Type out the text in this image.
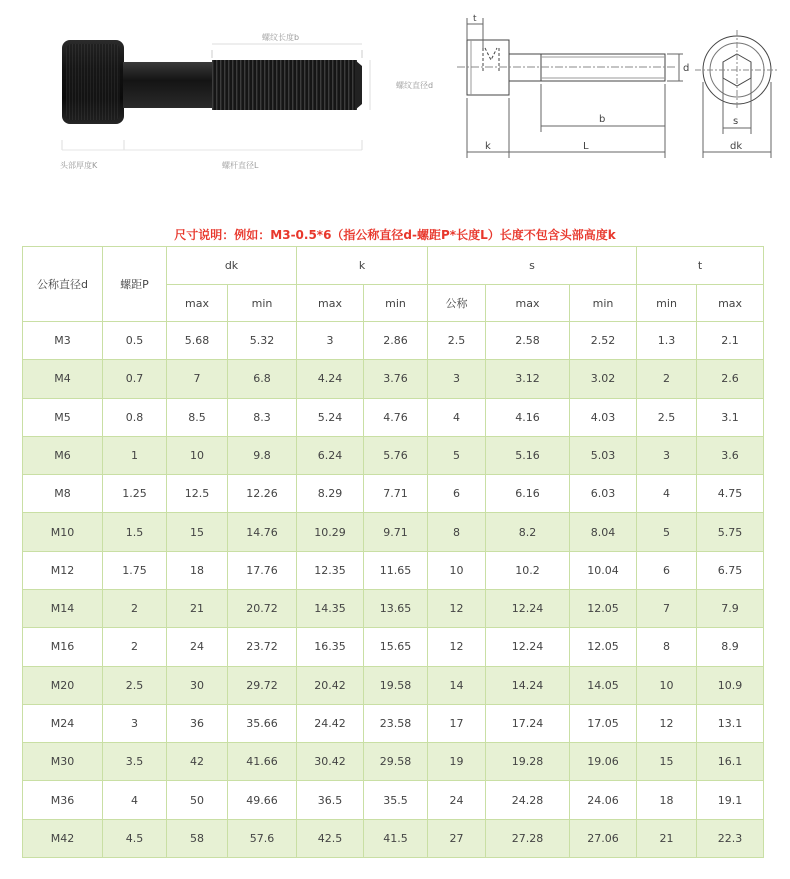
螺纹长度b
螺纹直径d
头部厚度K	螺杆直径L
t
d
b
k	L
s
dk
尺寸说明：例如：M3-0.5*6（指公称直径d-螺距P*长度L）长度不包含头部高度k
公称直径d	螺距P	dk		k		s			t	
		max	min	max	min	公称	max	min	min	max
M3	0.5	5.68	5.32	3	2.86	2.5	2.58	2.52	1.3	2.1
M4	0.7	7	6.8	4.24	3.76	3	3.12	3.02	2	2.6
M5	0.8	8.5	8.3	5.24	4.76	4	4.16	4.03	2.5	3.1
M6	1	10	9.8	6.24	5.76	5	5.16	5.03	3	3.6
M8	1.25	12.5	12.26	8.29	7.71	6	6.16	6.03	4	4.75
M10	1.5	15	14.76	10.29	9.71	8	8.2	8.04	5	5.75
M12	1.75	18	17.76	12.35	11.65	10	10.2	10.04	6	6.75
M14	2	21	20.72	14.35	13.65	12	12.24	12.05	7	7.9
M16	2	24	23.72	16.35	15.65	12	12.24	12.05	8	8.9
M20	2.5	30	29.72	20.42	19.58	14	14.24	14.05	10	10.9
M24	3	36	35.66	24.42	23.58	17	17.24	17.05	12	13.1
M30	3.5	42	41.66	30.42	29.58	19	19.28	19.06	15	16.1
M36	4	50	49.66	36.5	35.5	24	24.28	24.06	18	19.1
M42	4.5	58	57.6	42.5	41.5	27	27.28	27.06	21	22.3
